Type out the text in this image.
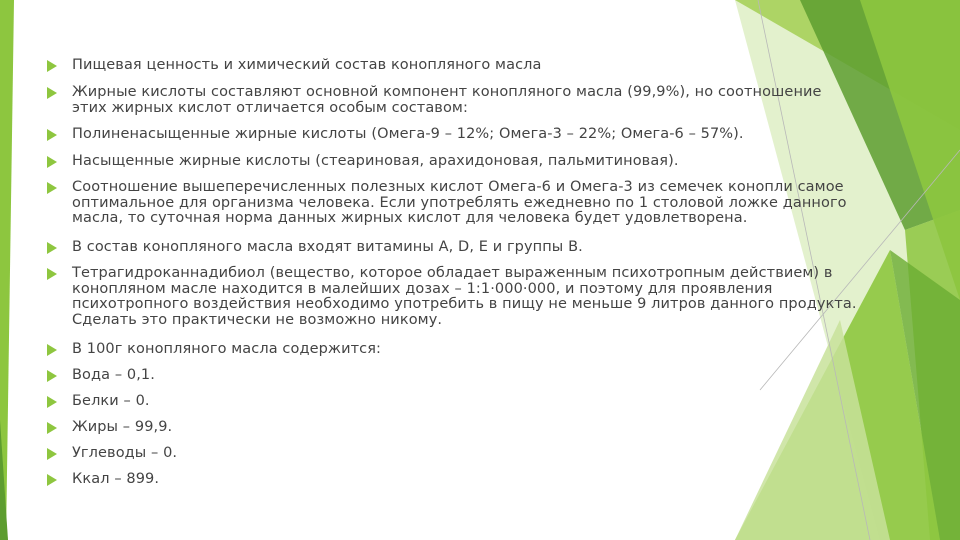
Пищевая ценность и химический состав конопляного масла
Жирные кислоты составляют основной компонент конопляного масла (99,9%), но соотношение
этих жирных кислот отличается особым составом:
Полиненасыщенные жирные кислоты (Омега-9 – 12%; Омега-3 – 22%; Омега-6 – 57%).
Насыщенные жирные кислоты (стеариновая, арахидоновая, пальмитиновая).
Соотношение вышеперечисленных полезных кислот Омега-6 и Омега-3 из семечек конопли самое
оптимальное для организма человека. Если употреблять ежедневно по 1 столовой ложке данного
масла, то суточная норма данных жирных кислот для человека будет удовлетворена.
В состав конопляного масла входят витамины А, D, Е и группы В.
Тетрагидроканнадибиол (вещество, которое обладает выраженным психотропным действием) в
конопляном масле находится в малейших дозах – 1:1·000·000, и поэтому для проявления
психотропного воздействия необходимо употребить в пищу не меньше 9 литров данного продукта.
Сделать это практически не возможно никому.
В 100г конопляного масла содержится:
Вода – 0,1.
Белки – 0.
Жиры – 99,9.
Углеводы – 0.
Ккал – 899.
